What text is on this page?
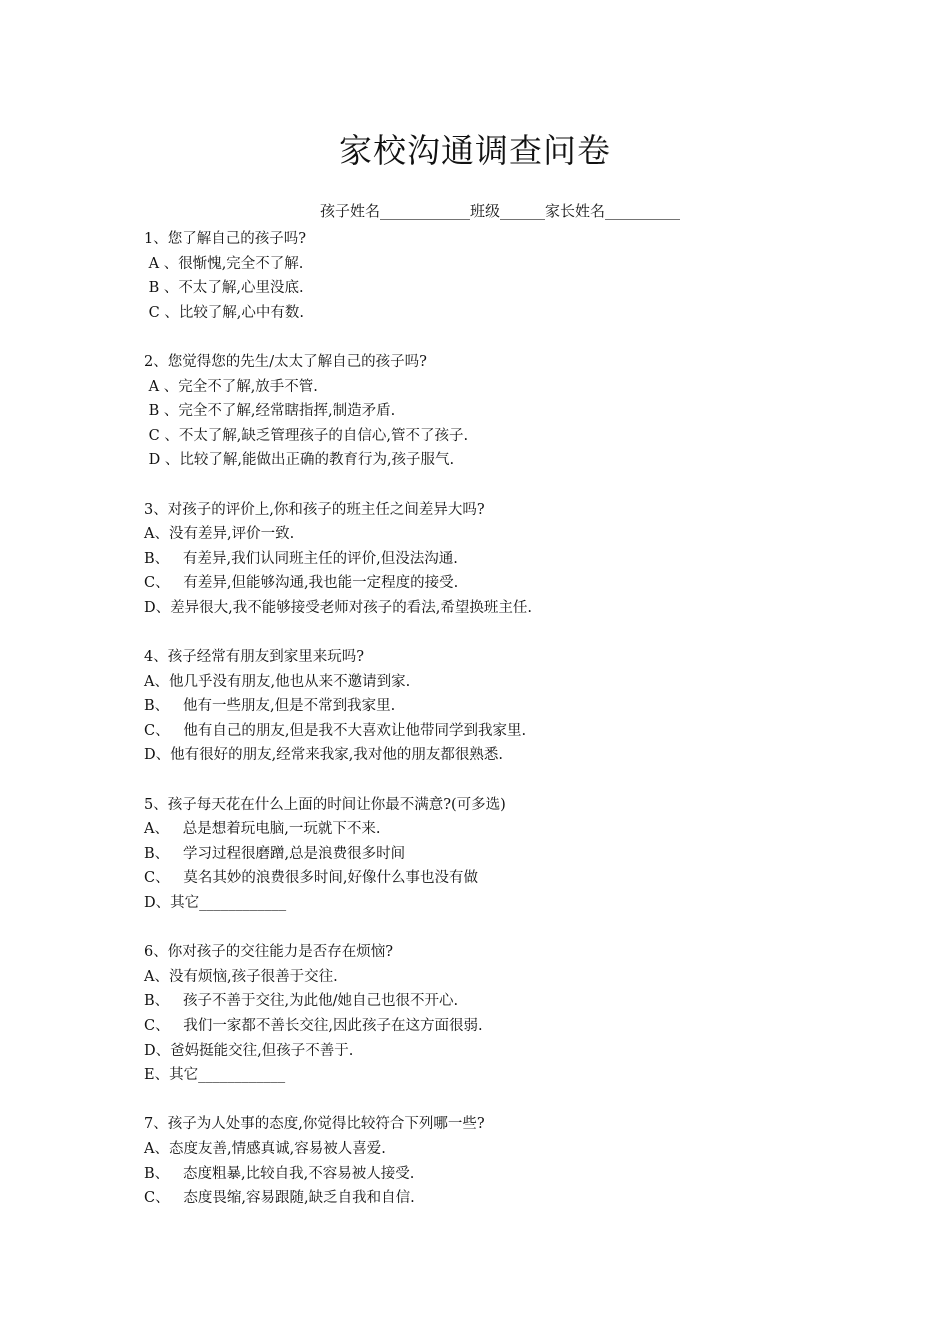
家校沟通调查问卷
孩子姓名____________班级______家长姓名__________
1、您了解自己的孩子吗?
A 、很惭愧,完全不了解.
B 、不太了解,心里没底.
C 、比较了解,心中有数.
2、您觉得您的先生/太太了解自己的孩子吗?
A 、完全不了解,放手不管.
B 、完全不了解,经常瞎指挥,制造矛盾.
C 、不太了解,缺乏管理孩子的自信心,管不了孩子.
D 、比较了解,能做出正确的教育行为,孩子服气.
3、对孩子的评价上,你和孩子的班主任之间差异大吗?
A、没有差异,评价一致.
B、   有差异,我们认同班主任的评价,但没法沟通.
C、   有差异,但能够沟通,我也能一定程度的接受.
D、差异很大,我不能够接受老师对孩子的看法,希望换班主任.
4、孩子经常有朋友到家里来玩吗?
A、他几乎没有朋友,他也从来不邀请到家.
B、   他有一些朋友,但是不常到我家里.
C、   他有自己的朋友,但是我不大喜欢让他带同学到我家里.
D、他有很好的朋友,经常来我家,我对他的朋友都很熟悉.
5、孩子每天花在什么上面的时间让你最不满意?(可多选)
A、   总是想着玩电脑,一玩就下不来.
B、   学习过程很磨蹭,总是浪费很多时间
C、   莫名其妙的浪费很多时间,好像什么事也没有做
D、其它____________
6、你对孩子的交往能力是否存在烦恼?
A、没有烦恼,孩子很善于交往.
B、   孩子不善于交往,为此他/她自己也很不开心.
C、   我们一家都不善长交往,因此孩子在这方面很弱.
D、爸妈挺能交往,但孩子不善于.
E、其它____________
7、孩子为人处事的态度,你觉得比较符合下列哪一些?
A、态度友善,情感真诚,容易被人喜爱.
B、   态度粗暴,比较自我,不容易被人接受.
C、   态度畏缩,容易跟随,缺乏自我和自信.
